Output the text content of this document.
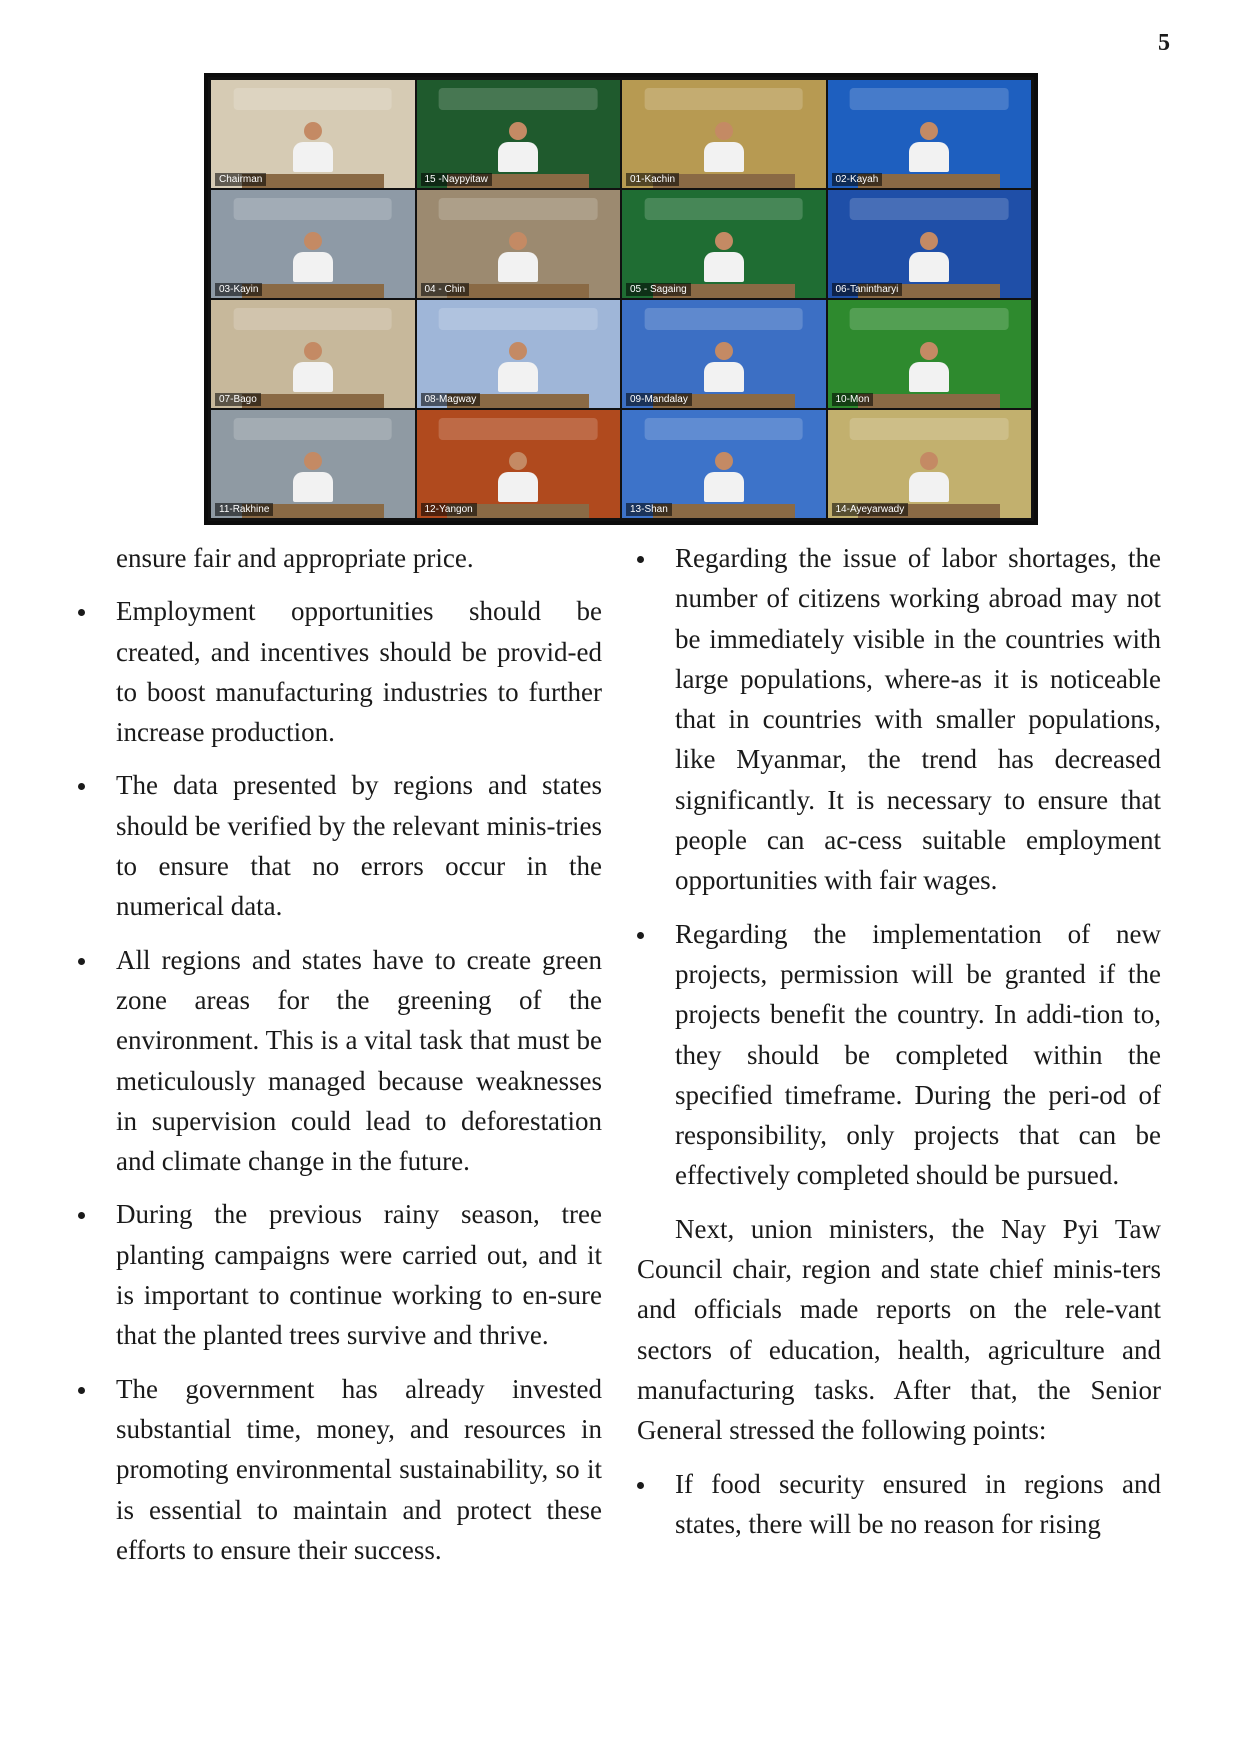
5
Chairman	15 -Naypyitaw	01-Kachin	02-Kayah
03-Kayin	04 - Chin	05 - Sagaing	06-Tanintharyi
07-Bago	08-Magway	09-Mandalay	10-Mon
11-Rakhine	12-Yangon	13-Shan	14-Ayeyarwady

ensure fair and appropriate price.

Employment opportunities should be created, and incentives should be provid-ed to boost manufacturing industries to further increase production.
The data presented by regions and states should be verified by the relevant minis-tries to ensure that no errors occur in the numerical data.
All regions and states have to create green zone areas for the greening of the environment. This is a vital task that must be meticulously managed because weaknesses in supervision could lead to deforestation and climate change in the future.
During the previous rainy season, tree planting campaigns were carried out, and it is important to continue working to en-sure that the planted trees survive and thrive.
The government has already invested substantial time, money, and resources in promoting environmental sustainability, so it is essential to maintain and protect these efforts to ensure their success.
Regarding the issue of labor shortages, the number of citizens working abroad may not be immediately visible in the countries with large populations, where-as it is noticeable that in countries with smaller populations, like Myanmar, the trend has decreased significantly. It is necessary to ensure that people can ac-cess suitable employment opportunities with fair wages.
Regarding the implementation of new projects, permission will be granted if the projects benefit the country. In addi-tion to, they should be completed within the specified timeframe. During the peri-od of responsibility, only projects that can be effectively completed should be pursued.

Next, union ministers, the Nay Pyi Taw Council chair, region and state chief minis-ters and officials made reports on the rele-vant sectors of education, health, agriculture and manufacturing tasks. After that, the Senior General stressed the following points:

If food security ensured in regions and states, there will be no reason for rising
